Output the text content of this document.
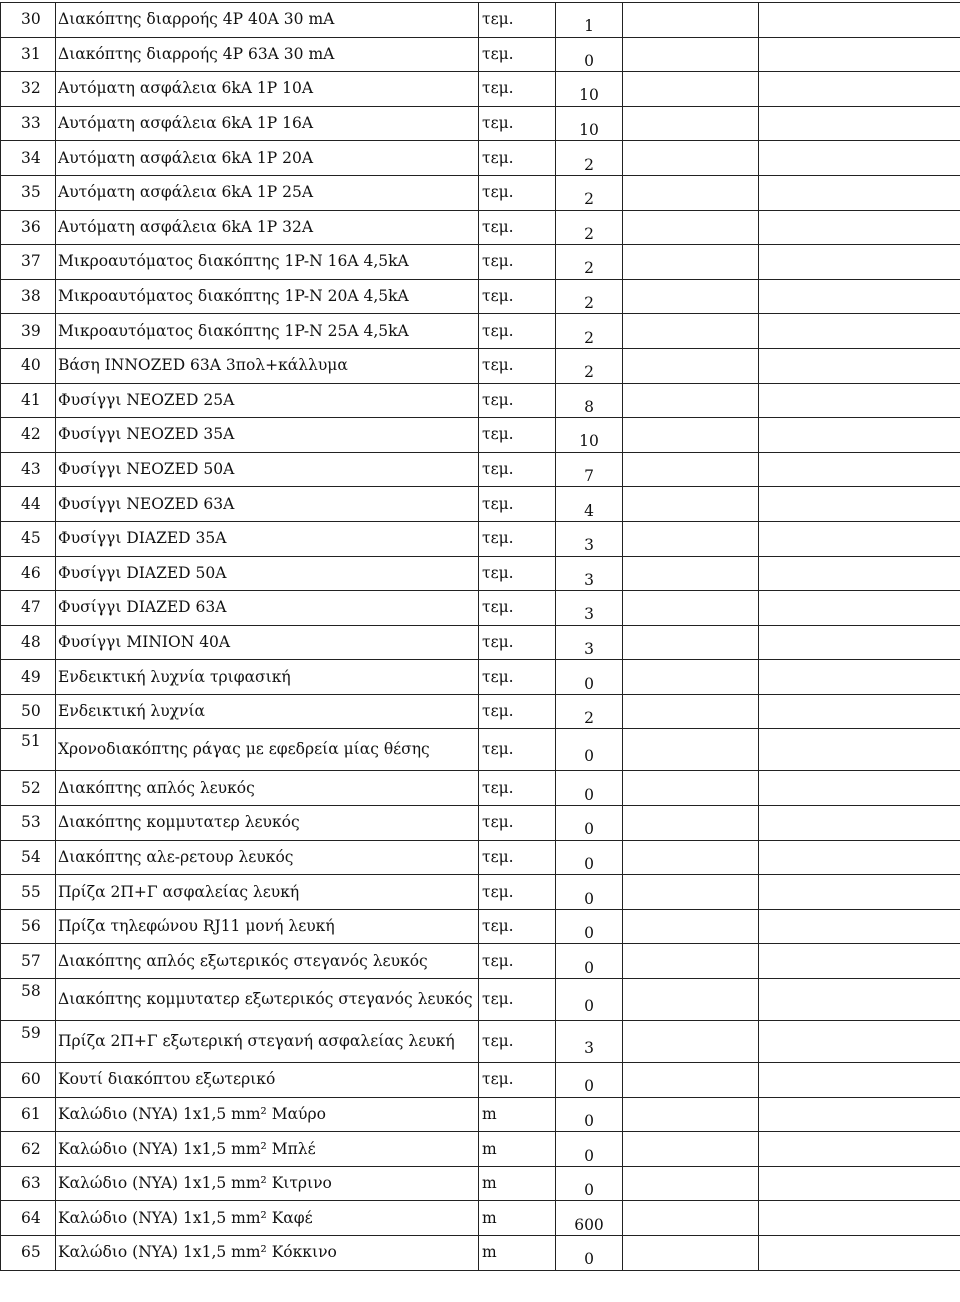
30	Διακόπτης διαρροής 4P 40A 30 mA	τεμ.	1		
31	Διακόπτης διαρροής 4P 63A 30 mA	τεμ.	0		
32	Αυτόματη ασφάλεια 6kA 1P 10A	τεμ.	10		
33	Αυτόματη ασφάλεια 6kA 1P 16A	τεμ.	10		
34	Αυτόματη ασφάλεια 6kA 1P 20A	τεμ.	2		
35	Αυτόματη ασφάλεια 6kA 1P 25A	τεμ.	2		
36	Αυτόματη ασφάλεια 6kA 1P 32A	τεμ.	2		
37	Μικροαυτόματος διακόπτης 1P-N 16A 4,5kA	τεμ.	2		
38	Μικροαυτόματος διακόπτης 1P-N 20A 4,5kA	τεμ.	2		
39	Μικροαυτόματος διακόπτης 1P-N 25A 4,5kA	τεμ.	2		
40	Βάση INNOZED 63A 3πολ+κάλλυμα	τεμ.	2		
41	Φυσίγγι NEOZED 25A	τεμ.	8		
42	Φυσίγγι NEOZED 35A	τεμ.	10		
43	Φυσίγγι NEOZED 50A	τεμ.	7		
44	Φυσίγγι NEOZED 63A	τεμ.	4		
45	Φυσίγγι DIAZED 35A	τεμ.	3		
46	Φυσίγγι DIAZED 50A	τεμ.	3		
47	Φυσίγγι DIAZED 63A	τεμ.	3		
48	Φυσίγγι MINION 40A	τεμ.	3		
49	Ενδεικτική λυχνία τριφασική	τεμ.	0		
50	Ενδεικτική λυχνία	τεμ.	2		
51	Χρονοδιακόπτης ράγας με εφεδρεία μίας θέσης	τεμ.	0		
52	Διακόπτης απλός λευκός	τεμ.	0		
53	Διακόπτης κομμυτατερ λευκός	τεμ.	0		
54	Διακόπτης αλε-ρετουρ λευκός	τεμ.	0		
55	Πρίζα 2Π+Γ ασφαλείας λευκή	τεμ.	0		
56	Πρίζα τηλεφώνου RJ11 μονή λευκή	τεμ.	0		
57	Διακόπτης απλός εξωτερικός στεγανός λευκός	τεμ.	0		
58	Διακόπτης κομμυτατερ εξωτερικός στεγανός λευκός	τεμ.	0		
59	Πρίζα 2Π+Γ εξωτερική στεγανή ασφαλείας λευκή	τεμ.	3		
60	Κουτί διακόπτου εξωτερικό	τεμ.	0		
61	Καλώδιο (NYA) 1x1,5 mm² Μαύρο	m	0		
62	Καλώδιο (NYA) 1x1,5 mm² Μπλέ	m	0		
63	Καλώδιο (NYA) 1x1,5 mm² Κιτρινο	m	0		
64	Καλώδιο (NYA) 1x1,5 mm² Καφέ	m	600		
65	Καλώδιο (NYA) 1x1,5 mm² Κόκκινο	m	0		
